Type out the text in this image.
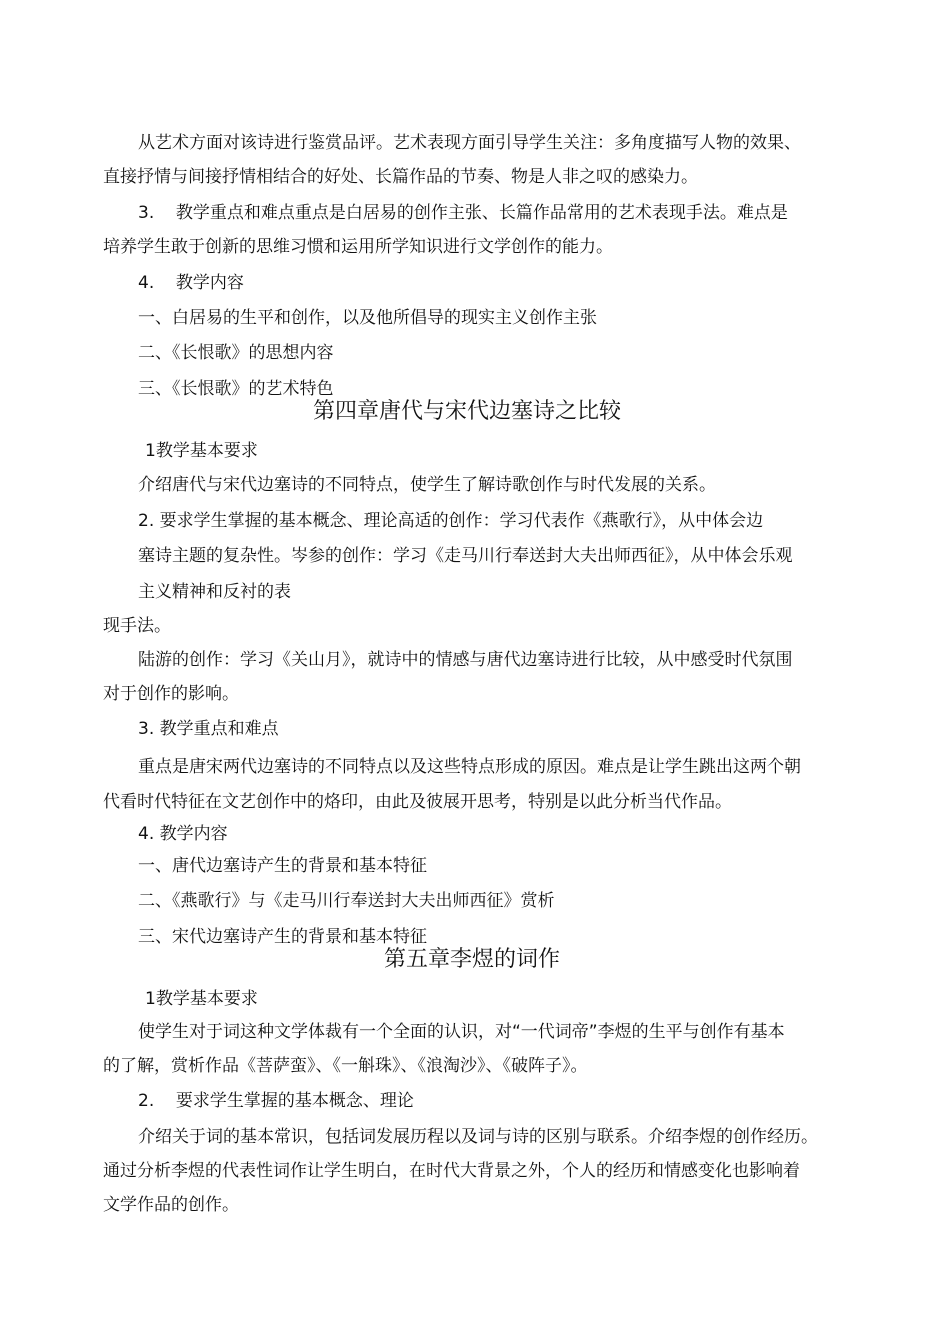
从艺术方面对该诗进行鉴赏品评。艺术表现方面引导学生关注：多角度描写人物的效果、
直接抒情与间接抒情相结合的好处、长篇作品的节奏、物是人非之叹的感染力。
3.    教学重点和难点重点是白居易的创作主张、长篇作品常用的艺术表现手法。难点是
培养学生敢于创新的思维习惯和运用所学知识进行文学创作的能力。
4.    教学内容
一、白居易的生平和创作，以及他所倡导的现实主义创作主张
二、《长恨歌》的思想内容
三、《长恨歌》的艺术特色
第四章唐代与宋代边塞诗之比较
1教学基本要求
介绍唐代与宋代边塞诗的不同特点，使学生了解诗歌创作与时代发展的关系。
2. 要求学生掌握的基本概念、理论高适的创作：学习代表作《燕歌行》，从中体会边
塞诗主题的复杂性。岑参的创作：学习《走马川行奉送封大夫出师西征》，从中体会乐观
主义精神和反衬的表
现手法。
陆游的创作：学习《关山月》，就诗中的情感与唐代边塞诗进行比较，从中感受时代氛围
对于创作的影响。
3. 教学重点和难点
重点是唐宋两代边塞诗的不同特点以及这些特点形成的原因。难点是让学生跳出这两个朝
代看时代特征在文艺创作中的烙印，由此及彼展开思考，特别是以此分析当代作品。
4. 教学内容
一、唐代边塞诗产生的背景和基本特征
二、《燕歌行》与《走马川行奉送封大夫出师西征》赏析
三、宋代边塞诗产生的背景和基本特征
第五章李煜的词作
1教学基本要求
使学生对于词这种文学体裁有一个全面的认识，对“一代词帝”李煜的生平与创作有基本
的了解，赏析作品《菩萨蛮》、《一斛珠》、《浪淘沙》、《破阵子》。
2.    要求学生掌握的基本概念、理论
介绍关于词的基本常识，包括词发展历程以及词与诗的区别与联系。介绍李煜的创作经历。
通过分析李煜的代表性词作让学生明白，在时代大背景之外，个人的经历和情感变化也影响着
文学作品的创作。
